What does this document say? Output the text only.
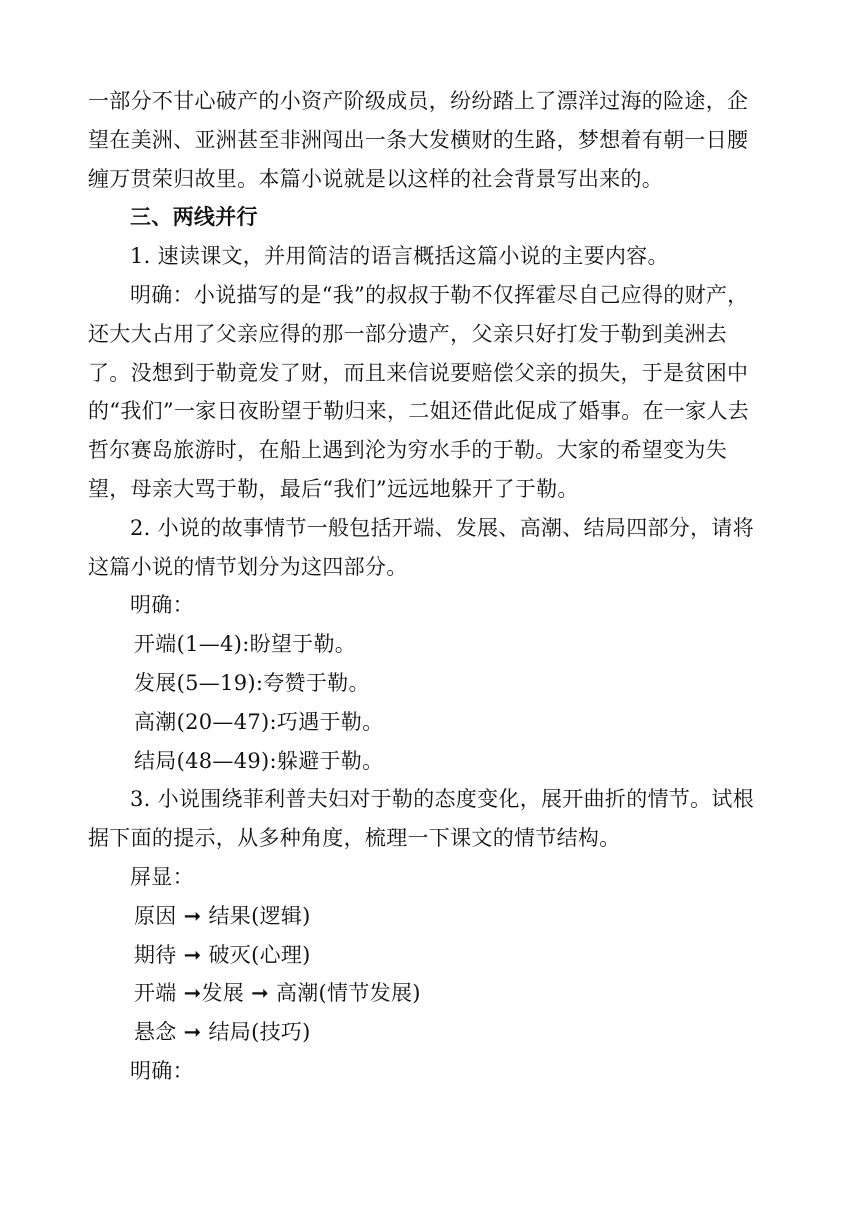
一部分不甘心破产的小资产阶级成员，纷纷踏上了漂洋过海的险途，企望在美洲、亚洲甚至非洲闯出一条大发横财的生路，梦想着有朝一日腰缠万贯荣归故里。本篇小说就是以这样的社会背景写出来的。

三、两线并行

1. 速读课文，并用简洁的语言概括这篇小说的主要内容。

明确：小说描写的是“我”的叔叔于勒不仅挥霍尽自己应得的财产，还大大占用了父亲应得的那一部分遗产，父亲只好打发于勒到美洲去了。没想到于勒竟发了财，而且来信说要赔偿父亲的损失，于是贫困中的“我们”一家日夜盼望于勒归来，二姐还借此促成了婚事。在一家人去哲尔赛岛旅游时，在船上遇到沦为穷水手的于勒。大家的希望变为失望，母亲大骂于勒，最后“我们”远远地躲开了于勒。

2. 小说的故事情节一般包括开端、发展、高潮、结局四部分，请将这篇小说的情节划分为这四部分。

明确：

开端(1—4):盼望于勒。

发展(5—19):夸赞于勒。

高潮(20—47):巧遇于勒。

结局(48—49):躲避于勒。

3. 小说围绕菲利普夫妇对于勒的态度变化，展开曲折的情节。试根据下面的提示，从多种角度，梳理一下课文的情节结构。

屏显：

原因 ➞ 结果(逻辑)

期待 ➞ 破灭(心理)

开端 ➞发展 ➞ 高潮(情节发展)

悬念 ➞ 结局(技巧)

明确：
